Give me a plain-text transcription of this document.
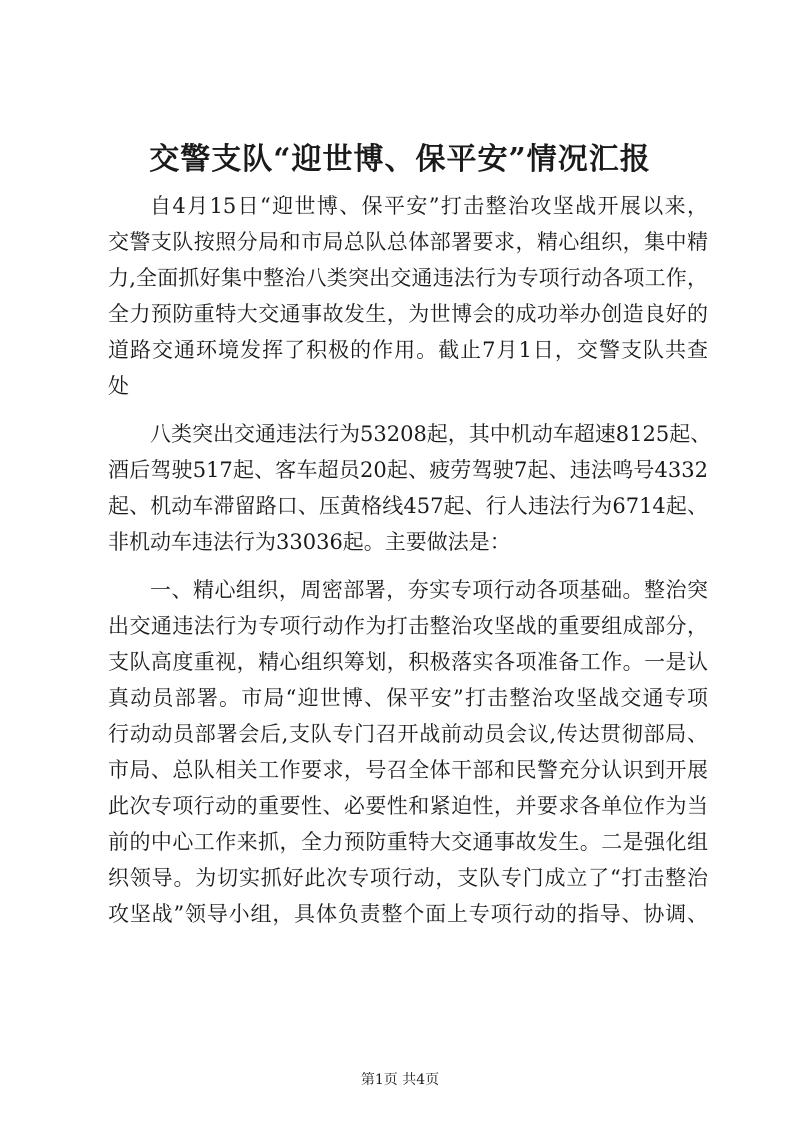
交警支队“迎世博、保平安”情况汇报
自4月15日“迎世博、保平安”打击整治攻坚战开展以来，
交警支队按照分局和市局总队总体部署要求，精心组织，集中精
力,全面抓好集中整治八类突出交通违法行为专项行动各项工作，
全力预防重特大交通事故发生，为世博会的成功举办创造良好的
道路交通环境发挥了积极的作用。截止7月1日，交警支队共查
处
八类突出交通违法行为53208起，其中机动车超速8125起、
酒后驾驶517起、客车超员20起、疲劳驾驶7起、违法鸣号4332
起、机动车滞留路口、压黄格线457起、行人违法行为6714起、
非机动车违法行为33036起。主要做法是：
一、精心组织，周密部署，夯实专项行动各项基础。整治突
出交通违法行为专项行动作为打击整治攻坚战的重要组成部分，
支队高度重视，精心组织筹划，积极落实各项准备工作。一是认
真动员部署。市局“迎世博、保平安”打击整治攻坚战交通专项
行动动员部署会后,支队专门召开战前动员会议,传达贯彻部局、
市局、总队相关工作要求，号召全体干部和民警充分认识到开展
此次专项行动的重要性、必要性和紧迫性，并要求各单位作为当
前的中心工作来抓，全力预防重特大交通事故发生。二是强化组
织领导。为切实抓好此次专项行动，支队专门成立了“打击整治
攻坚战”领导小组，具体负责整个面上专项行动的指导、协调、
第1页 共4页
